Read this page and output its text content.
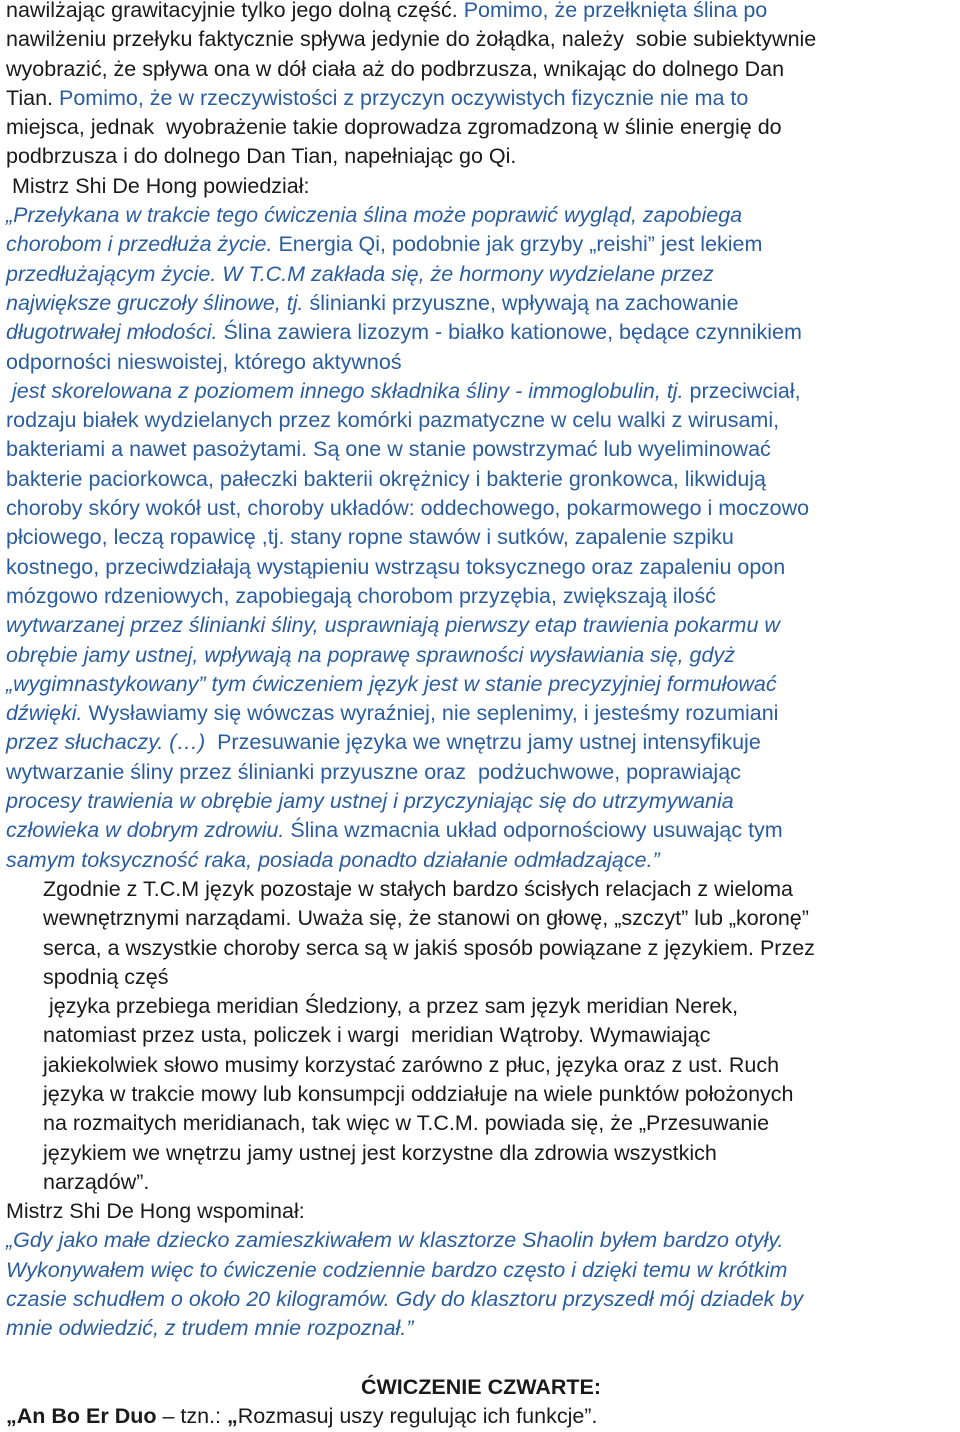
nawilżając grawitacyjnie tylko jego dolną część. Pomimo, że przełknięta ślina po
nawilżeniu przełyku faktycznie spływa jedynie do żołądka, należy  sobie subiektywnie
wyobrazić, że spływa ona w dół ciała aż do podbrzusza, wnikając do dolnego Dan
Tian. Pomimo, że w rzeczywistości z przyczyn oczywistych fizycznie nie ma to
miejsca, jednak  wyobrażenie takie doprowadza zgromadzoną w ślinie energię do
podbrzusza i do dolnego Dan Tian, napełniając go Qi.
Mistrz Shi De Hong powiedział:
„Przełykana w trakcie tego ćwiczenia ślina może poprawić wygląd, zapobiega
chorobom i przedłuża życie. Energia Qi, podobnie jak grzyby „reishi” jest lekiem
przedłużającym życie. W T.C.M zakłada się, że hormony wydzielane przez
największe gruczoły ślinowe, tj. ślinianki przyuszne, wpływają na zachowanie
długotrwałej młodości. Ślina zawiera lizozym - białko kationowe, będące czynnikiem
odporności nieswoistej, którego aktywnoś
jest skorelowana z poziomem innego składnika śliny - immoglobulin, tj. przeciwciał,
rodzaju białek wydzielanych przez komórki pazmatyczne w celu walki z wirusami,
bakteriami a nawet pasożytami. Są one w stanie powstrzymać lub wyeliminować
bakterie paciorkowca, pałeczki bakterii okrężnicy i bakterie gronkowca, likwidują
choroby skóry wokół ust, choroby układów: oddechowego, pokarmowego i moczowo
płciowego, leczą ropawicę ,tj. stany ropne stawów i sutków, zapalenie szpiku
kostnego, przeciwdziałają wystąpieniu wstrząsu toksycznego oraz zapaleniu opon
mózgowo rdzeniowych, zapobiegają chorobom przyzębia, zwiększają ilość
wytwarzanej przez ślinianki śliny, usprawniają pierwszy etap trawienia pokarmu w
obrębie jamy ustnej, wpływają na poprawę sprawności wysławiania się, gdyż
„wygimnastykowany” tym ćwiczeniem język jest w stanie precyzyjniej formułować
dźwięki. Wysławiamy się wówczas wyraźniej, nie seplenimy, i jesteśmy rozumiani
przez słuchaczy. (…)  Przesuwanie języka we wnętrzu jamy ustnej intensyfikuje
wytwarzanie śliny przez ślinianki przyuszne oraz  podżuchwowe, poprawiając
procesy trawienia w obrębie jamy ustnej i przyczyniając się do utrzymywania
człowieka w dobrym zdrowiu. Ślina wzmacnia układ odpornościowy usuwając tym
samym toksyczność raka, posiada ponadto działanie odmładzające.”
Zgodnie z T.C.M język pozostaje w stałych bardzo ścisłych relacjach z wieloma
wewnętrznymi narządami. Uważa się, że stanowi on głowę, „szczyt” lub „koronę”
serca, a wszystkie choroby serca są w jakiś sposób powiązane z językiem. Przez
spodnią częś
języka przebiega meridian Śledziony, a przez sam język meridian Nerek,
natomiast przez usta, policzek i wargi  meridian Wątroby. Wymawiając
jakiekolwiek słowo musimy korzystać zarówno z płuc, języka oraz z ust. Ruch
języka w trakcie mowy lub konsumpcji oddziałuje na wiele punktów położonych
na rozmaitych meridianach, tak więc w T.C.M. powiada się, że „Przesuwanie
językiem we wnętrzu jamy ustnej jest korzystne dla zdrowia wszystkich
narządów”.
Mistrz Shi De Hong wspominał:
„Gdy jako małe dziecko zamieszkiwałem w klasztorze Shaolin byłem bardzo otyły.
Wykonywałem więc to ćwiczenie codziennie bardzo często i dzięki temu w krótkim
czasie schudłem o około 20 kilogramów. Gdy do klasztoru przyszedł mój dziadek by
mnie odwiedzić, z trudem mnie rozpoznał.”
ĆWICZENIE CZWARTE:
„An Bo Er Duo – tzn.: „Rozmasuj uszy regulując ich funkcje”.
